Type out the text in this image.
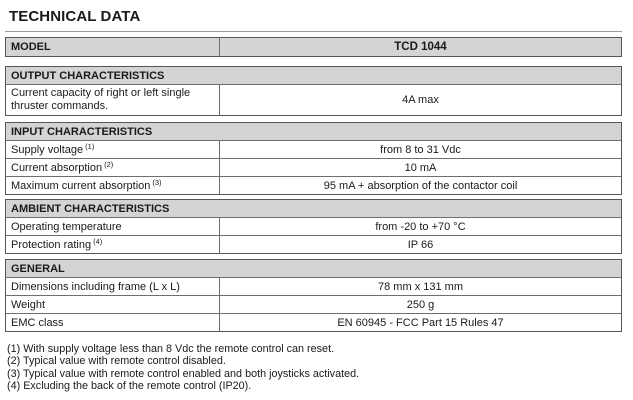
TECHNICAL DATA
MODEL	TCD 1044
OUTPUT CHARACTERISTICS
Current capacity of right or left single thruster commands.	4A max
INPUT CHARACTERISTICS
Supply voltage $^{(1)}$	from 8 to 31 Vdc
Current absorption $^{(2)}$	10 mA
Maximum current absorption $^{(3)}$	95 mA + absorption of the contactor coil
AMBIENT CHARACTERISTICS
Operating temperature	from -20 to +70 °C
Protection rating $^{(4)}$	IP 66
GENERAL
Dimensions including frame (L x L)	78 mm x 131 mm
Weight	250 g
EMC class	EN 60945 - FCC Part 15 Rules 47
(1) With supply voltage less than 8 Vdc the remote control can reset.
(2) Typical value with remote control disabled.
(3) Typical value with remote control enabled and both joysticks activated.
(4) Excluding the back of the remote control (IP20).
